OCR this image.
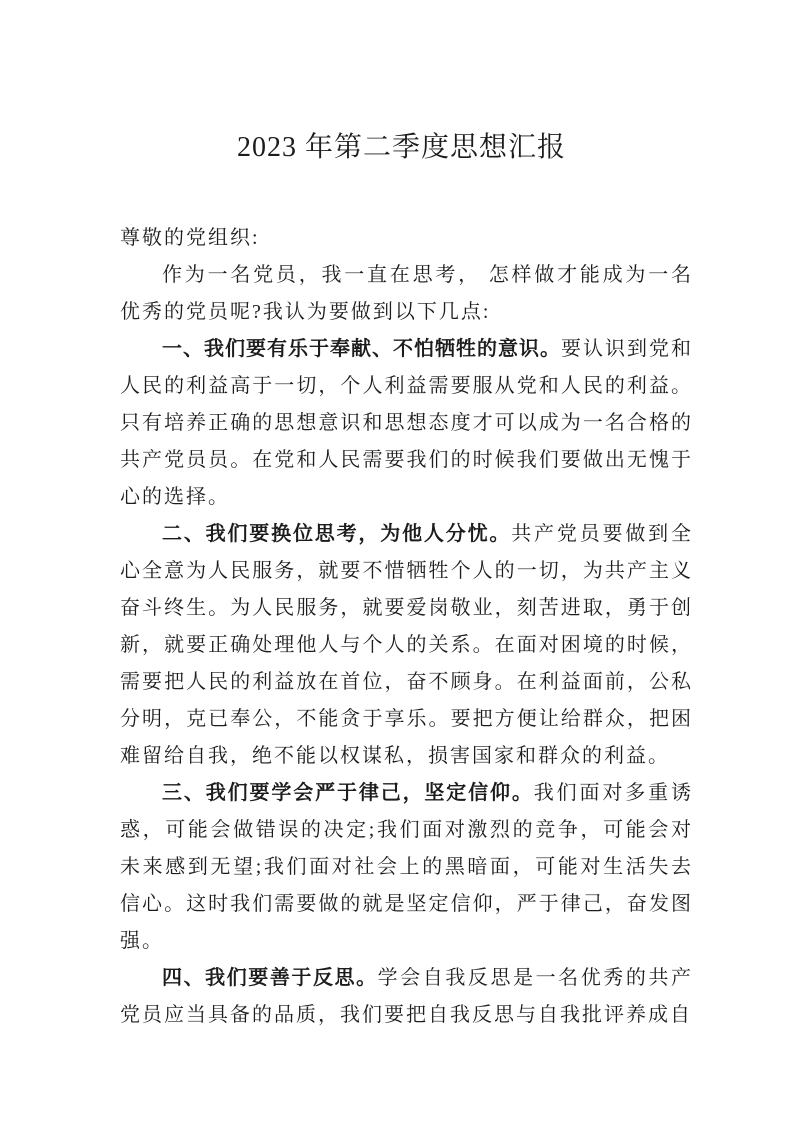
2023 年第二季度思想汇报

尊敬的党组织:

作为一名党员，我一直在思考， 怎样做才能成为一名优秀的党员呢?我认为要做到以下几点:

一、我们要有乐于奉献、不怕牺牲的意识。要认识到党和人民的利益高于一切，个人利益需要服从党和人民的利益。只有培养正确的思想意识和思想态度才可以成为一名合格的共产党员员。在党和人民需要我们的时候我们要做出无愧于心的选择。

二、我们要换位思考，为他人分忧。共产党员要做到全心全意为人民服务，就要不惜牺牲个人的一切，为共产主义奋斗终生。为人民服务，就要爱岗敬业，刻苦进取，勇于创新，就要正确处理他人与个人的关系。在面对困境的时候，需要把人民的利益放在首位，奋不顾身。在利益面前，公私分明，克已奉公，不能贪于享乐。要把方便让给群众，把困难留给自我，绝不能以权谋私，损害国家和群众的利益。

三、我们要学会严于律己，坚定信仰。我们面对多重诱惑，可能会做错误的决定;我们面对激烈的竞争，可能会对未来感到无望;我们面对社会上的黑暗面，可能对生活失去信心。这时我们需要做的就是坚定信仰，严于律己，奋发图强。

四、我们要善于反思。学会自我反思是一名优秀的共产党员应当具备的品质，我们要把自我反思与自我批评养成自
